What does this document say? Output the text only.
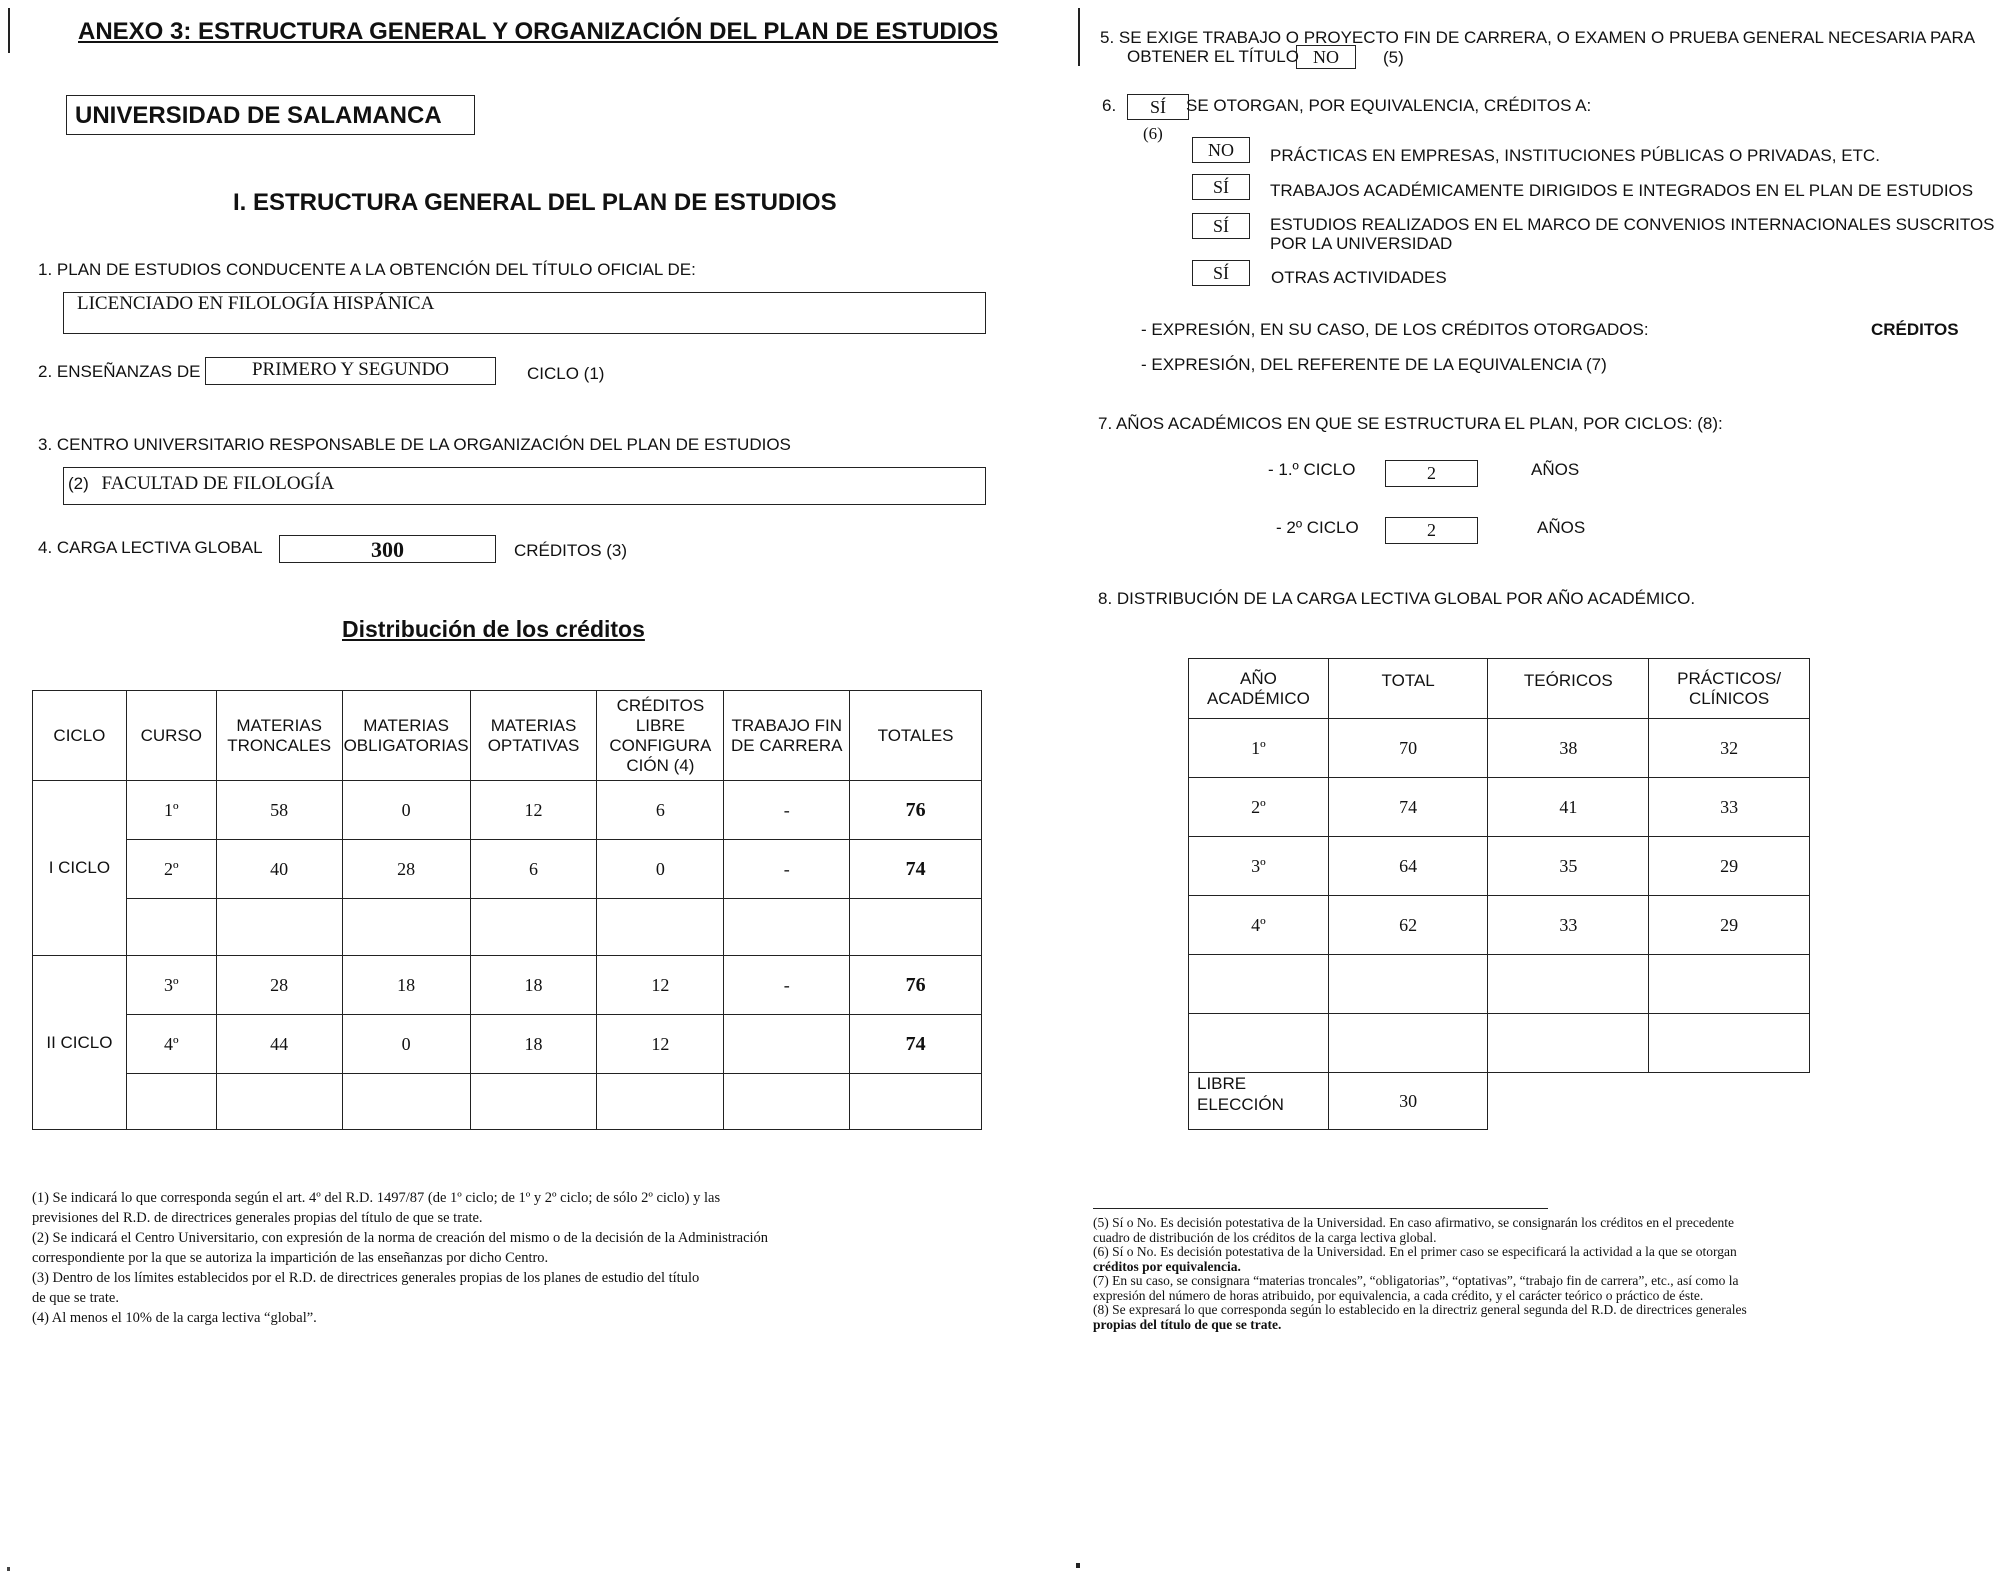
ANEXO 3: ESTRUCTURA GENERAL Y ORGANIZACIÓN DEL PLAN DE ESTUDIOS
UNIVERSIDAD DE SALAMANCA
I. ESTRUCTURA GENERAL DEL PLAN DE ESTUDIOS
1. PLAN DE ESTUDIOS CONDUCENTE A LA OBTENCIÓN DEL TÍTULO OFICIAL DE:
LICENCIADO EN FILOLOGÍA HISPÁNICA
2. ENSEÑANZAS DE	PRIMERO Y SEGUNDO	CICLO (1)
3. CENTRO UNIVERSITARIO RESPONSABLE DE LA ORGANIZACIÓN DEL PLAN DE ESTUDIOS
(2) FACULTAD DE FILOLOGÍA
4. CARGA LECTIVA GLOBAL	300	CRÉDITOS (3)
Distribución de los créditos
CICLO	CURSO	MATERIAS TRONCALES	MATERIAS OBLIGATORIAS	MATERIAS OPTATIVAS	CRÉDITOS LIBRE CONFIGURA CIÓN (4)	TRABAJO FIN DE CARRERA	TOTALES
I CICLO	1º	58	0	12	6	-	76
	2º	40	28	6	0	-	74

II CICLO	3º	28	18	18	12	-	76
	4º	44	0	18	12		74

(1) Se indicará lo que corresponda según el art. 4º del R.D. 1497/87 (de 1º ciclo; de 1º y 2º ciclo; de sólo 2º ciclo) y las
previsiones del R.D. de directrices generales propias del título de que se trate.
(2) Se indicará el Centro Universitario, con expresión de la norma de creación del mismo o de la decisión de la Administración
correspondiente por la que se autoriza la impartición de las enseñanzas por dicho Centro.
(3) Dentro de los límites establecidos por el R.D. de directrices generales propias de los planes de estudio del título
de que se trate.
(4) Al menos el 10% de la carga lectiva “global”.
5. SE EXIGE TRABAJO O PROYECTO FIN DE CARRERA, O EXAMEN O PRUEBA GENERAL NECESARIA PARA
OBTENER EL TÍTULO NO	(5)
6.	SÍ	SE OTORGAN, POR EQUIVALENCIA, CRÉDITOS A:
(6)
NO	PRÁCTICAS EN EMPRESAS, INSTITUCIONES PÚBLICAS O PRIVADAS, ETC.
SÍ	TRABAJOS ACADÉMICAMENTE DIRIGIDOS E INTEGRADOS EN EL PLAN DE ESTUDIOS
SÍ	ESTUDIOS REALIZADOS EN EL MARCO DE CONVENIOS INTERNACIONALES SUSCRITOS
POR LA UNIVERSIDAD
SÍ	OTRAS ACTIVIDADES
- EXPRESIÓN, EN SU CASO, DE LOS CRÉDITOS OTORGADOS:	CRÉDITOS
- EXPRESIÓN, DEL REFERENTE DE LA EQUIVALENCIA (7)
7. AÑOS ACADÉMICOS EN QUE SE ESTRUCTURA EL PLAN, POR CICLOS: (8):
- 1.º CICLO	2	AÑOS
- 2º CICLO	2	AÑOS
8. DISTRIBUCIÓN DE LA CARGA LECTIVA GLOBAL POR AÑO ACADÉMICO.
AÑO ACADÉMICO	TOTAL	TEÓRICOS	PRÁCTICOS/ CLÍNICOS
1º	70	38	32
2º	74	41	33
3º	64	35	29
4º	62	33	29

LIBRE ELECCIÓN	30		
(5) Sí o No. Es decisión potestativa de la Universidad. En caso afirmativo, se consignarán los créditos en el precedente
cuadro de distribución de los créditos de la carga lectiva global.
(6) Sí o No. Es decisión potestativa de la Universidad. En el primer caso se especificará la actividad a la que se otorgan
créditos por equivalencia.
(7) En su caso, se consignara “materias troncales”, “obligatorias”, “optativas”, “trabajo fin de carrera”, etc., así como la
expresión del número de horas atribuido, por equivalencia, a cada crédito, y el carácter teórico o práctico de éste.
(8) Se expresará lo que corresponda según lo establecido en la directriz general segunda del R.D. de directrices generales
propias del título de que se trate.
